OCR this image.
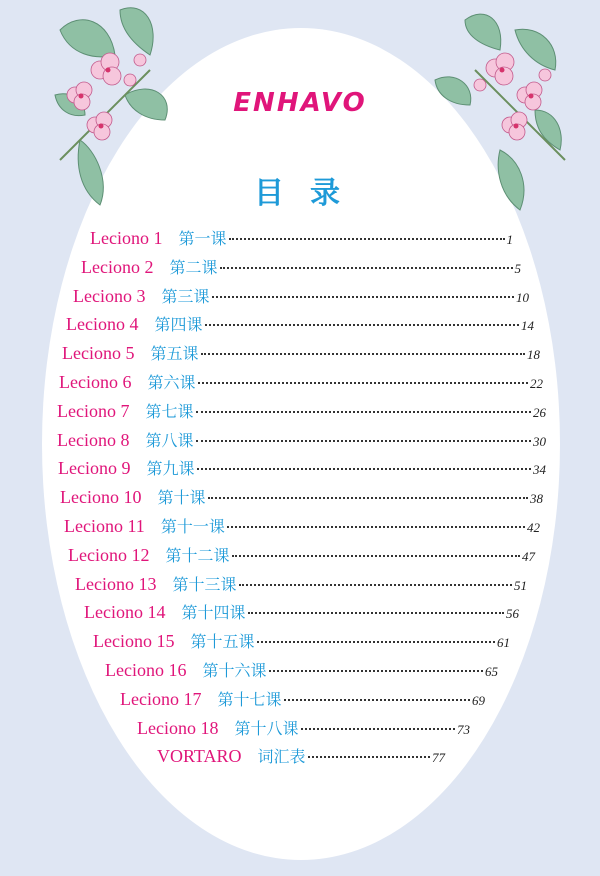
ENHAVO
目录
Leciono 1 第一课	1
Leciono 2 第二课	5
Leciono 3 第三课	10
Leciono 4 第四课	14
Leciono 5 第五课	18
Leciono 6 第六课	22
Leciono 7 第七课	26
Leciono 8 第八课	30
Leciono 9 第九课	34
Leciono 10 第十课	38
Leciono 11 第十一课	42
Leciono 12 第十二课	47
Leciono 13 第十三课	51
Leciono 14 第十四课	56
Leciono 15 第十五课	61
Leciono 16 第十六课	65
Leciono 17 第十七课	69
Leciono 18 第十八课	73
VORTARO 词汇表	77
